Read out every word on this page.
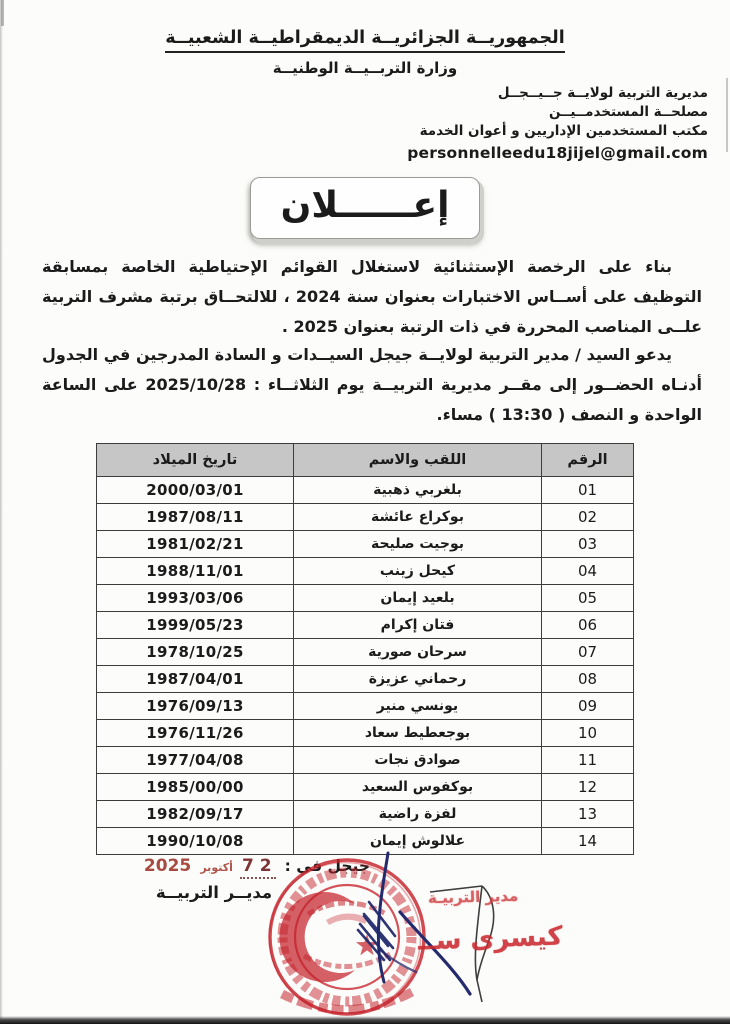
الجمهوريــة الجزائريــة الديمقراطيــة الشعبيــة
وزارة التربــيــة الوطنيــة
مديرية التربية لولايــة جــيــجــل
مصلحــة المستخدمــيــن
مكتب المستخدمين الإداريين و أعوان الخدمة
personnelleedu18jijel@gmail.com
إعــــــلان

بناء على الرخصة الإستثنائية لاستغلال القوائم الإحتياطية الخاصة بمسابقة التوظيف على أســاس الاختبارات بعنوان سنة 2024 ، للالتحــاق برتبة مشرف التربية علــى المناصب المحررة في ذات الرتبة بعنوان 2025 .

يدعو السيد / مدير التربية لولايــة جيجل السيــدات و السادة المدرجين في الجدول أدنـاه الحضــور إلى مقــر مديرية التربيــة يوم الثلاثــاء : 2025/10/28 على الساعة الواحدة و النصف ( 13:30 ) مساء.

الرقم	اللقب والاسم	تاريخ الميلاد
01	بلغربي ذهبية	2000/03/01
02	بوكراع عائشة	1987/08/11
03	بوجيت صليحة	1981/02/21
04	كيحل زينب	1988/11/01
05	بلعيد إيمان	1993/03/06
06	فتان إكرام	1999/05/23
07	سرحان صورية	1978/10/25
08	رحماني عزيزة	1987/04/01
09	يونسي منير	1976/09/13
10	بوجعطيط سعاد	1976/11/26
11	صوادق نجات	1977/04/08
12	بوكفوس السعيد	1985/00/00
13	لفزة راضية	1982/09/17
14	علالوش إيمان	1990/10/08
جيجل في : 2 7 أكتوبر 2025
مديــر التربيــة	مدير التربيـة
كيسرى ســ
